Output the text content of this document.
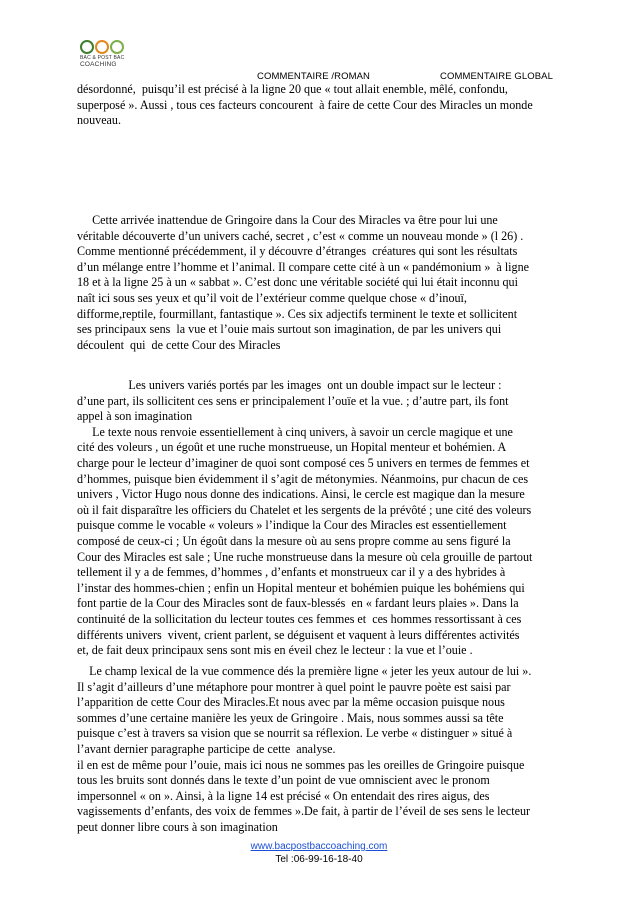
BAC & POST BAC
COACHING
COMMENTAIRE /ROMAN	COMMENTAIRE GLOBAL
désordonné,  puisqu’il est précisé à la ligne 20 que « tout allait enemble, mêlé, confondu,
superposé ». Aussi , tous ces facteurs concourent  à faire de cette Cour des Miracles un monde
nouveau.
Cette arrivée inattendue de Gringoire dans la Cour des Miracles va être pour lui une
véritable découverte d’un univers caché, secret , c’est « comme un nouveau monde » (l 26) .
Comme mentionné précédemment, il y découvre d’étranges  créatures qui sont les résultats
d’un mélange entre l’homme et l’animal. Il compare cette cité à un « pandémonium »  à ligne
18 et à la ligne 25 à un « sabbat ». C’est donc une véritable société qui lui était inconnu qui
naît ici sous ses yeux et qu’il voit de l’extérieur comme quelque chose « d’inouï,
difforme,reptile, fourmillant, fantastique ». Ces six adjectifs terminent le texte et sollicitent
ses principaux sens  la vue et l’ouie mais surtout son imagination, de par les univers qui
découlent  qui  de cette Cour des Miracles
Les univers variés portés par les images  ont un double impact sur le lecteur :
d’une part, ils sollicitent ces sens er principalement l’ouïe et la vue. ; d’autre part, ils font
appel à son imagination
Le texte nous renvoie essentiellement à cinq univers, à savoir un cercle magique et une
cité des voleurs , un égoût et une ruche monstrueuse, un Hopital menteur et bohémien. A
charge pour le lecteur d’imaginer de quoi sont composé ces 5 univers en termes de femmes et
d’hommes, puisque bien évidemment il s’agit de métonymies. Néanmoins, pur chacun de ces
univers , Victor Hugo nous donne des indications. Ainsi, le cercle est magique dan la mesure
où il fait disparaître les officiers du Chatelet et les sergents de la prévôté ; une cité des voleurs
puisque comme le vocable « voleurs » l’indique la Cour des Miracles est essentiellement
composé de ceux-ci ; Un égoût dans la mesure où au sens propre comme au sens figuré la
Cour des Miracles est sale ; Une ruche monstrueuse dans la mesure où cela grouille de partout
tellement il y a de femmes, d’hommes , d’enfants et monstrueux car il y a des hybrides à
l’instar des hommes-chien ; enfin un Hopital menteur et bohémien puique les bohémiens qui
font partie de la Cour des Miracles sont de faux-blessés  en « fardant leurs plaies ». Dans la
continuité de la sollicitation du lecteur toutes ces femmes et  ces hommes ressortissant à ces
différents univers  vivent, crient parlent, se déguisent et vaquent à leurs différentes activités
et, de fait deux principaux sens sont mis en éveil chez le lecteur : la vue et l’ouie .
Le champ lexical de la vue commence dés la première ligne « jeter les yeux autour de lui ».
Il s’agit d’ailleurs d’une métaphore pour montrer à quel point le pauvre poète est saisi par
l’apparition de cette Cour des Miracles.Et nous avec par la même occasion puisque nous
sommes d’une certaine manière les yeux de Gringoire . Mais, nous sommes aussi sa tête
puisque c’est à travers sa vision que se nourrit sa réflexion. Le verbe « distinguer » situé à
l’avant dernier paragraphe participe de cette  analyse.
il en est de même pour l’ouie, mais ici nous ne sommes pas les oreilles de Gringoire puisque
tous les bruits sont donnés dans le texte d’un point de vue omniscient avec le pronom
impersonnel « on ». Ainsi, à la ligne 14 est précisé « On entendait des rires aigus, des
vagissements d’enfants, des voix de femmes ».De fait, à partir de l’éveil de ses sens le lecteur
peut donner libre cours à son imagination
www.bacpostbaccoaching.com
Tel :06-99-16-18-40
